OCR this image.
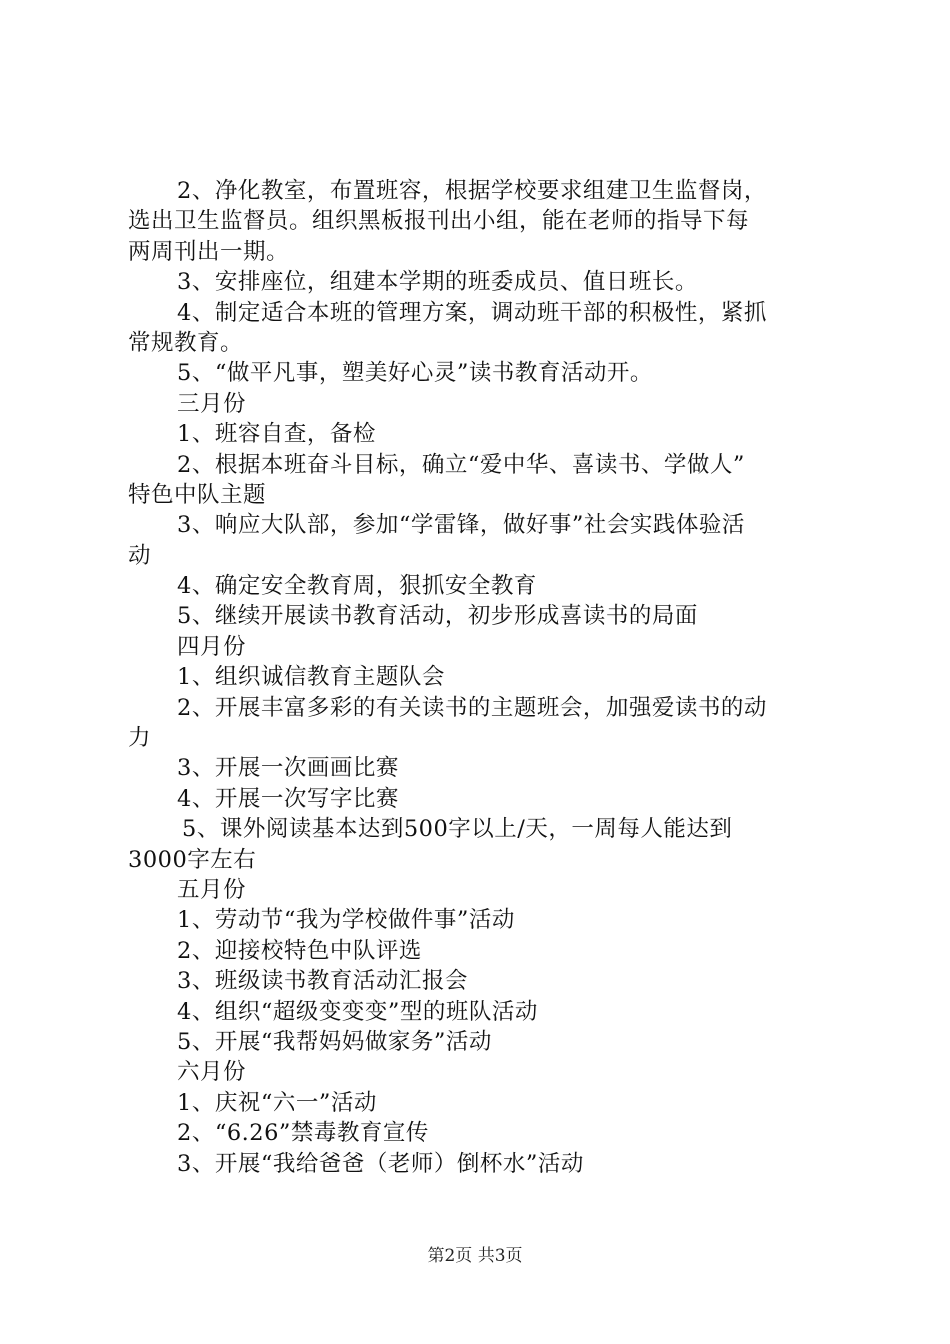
2、净化教室，布置班容，根据学校要求组建卫生监督岗，
选出卫生监督员。组织黑板报刊出小组，能在老师的指导下每
两周刊出一期。
3、安排座位，组建本学期的班委成员、值日班长。
4、制定适合本班的管理方案，调动班干部的积极性，紧抓
常规教育。
5、“做平凡事，塑美好心灵”读书教育活动开。
三月份
1、班容自查，备检
2、根据本班奋斗目标，确立“爱中华、喜读书、学做人”
特色中队主题
3、响应大队部，参加“学雷锋，做好事”社会实践体验活
动
4、确定安全教育周，狠抓安全教育
5、继续开展读书教育活动，初步形成喜读书的局面
四月份
1、组织诚信教育主题队会
2、开展丰富多彩的有关读书的主题班会，加强爱读书的动
力
3、开展一次画画比赛
4、开展一次写字比赛
5、课外阅读基本达到500字以上/天，一周每人能达到
3000字左右
五月份
1、劳动节“我为学校做件事”活动
2、迎接校特色中队评选
3、班级读书教育活动汇报会
4、组织“超级变变变”型的班队活动
5、开展“我帮妈妈做家务”活动
六月份
1、庆祝“六一”活动
2、“6.26”禁毒教育宣传
3、开展“我给爸爸（老师）倒杯水”活动
第2页 共3页
